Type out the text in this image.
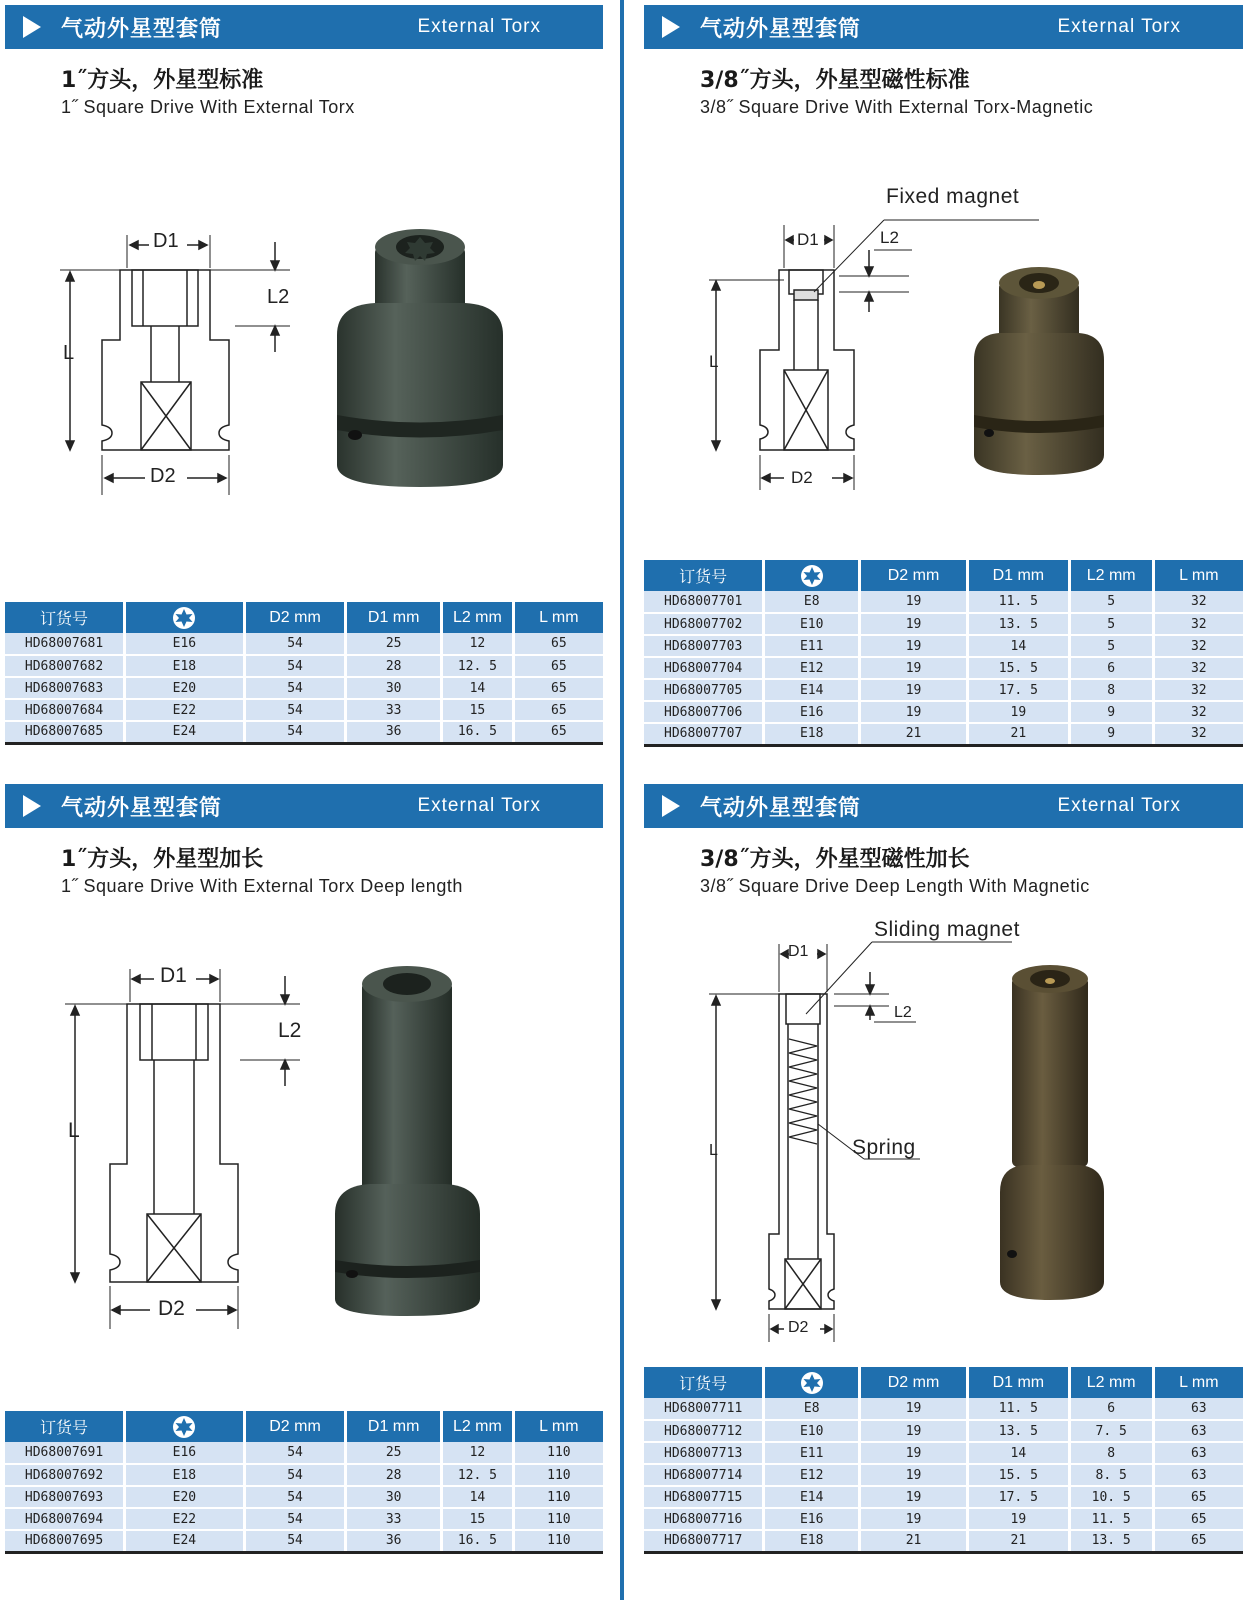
气动外星型套筒	External Torx
1˝方头，外星型标准
1˝ Square Drive With External Torx
D1
D2
L
L2
订货号		D2 mm	D1 mm	L2 mm	L mm
HD68007681	E16	54	25	12	65
HD68007682	E18	54	28	12. 5	65
HD68007683	E20	54	30	14	65
HD68007684	E22	54	33	15	65
HD68007685	E24	54	36	16. 5	65
气动外星型套筒	External Torx
3/8˝方头，外星型磁性标准
3/8˝ Square Drive With External Torx-Magnetic
Fixed magnet
D1	L2
L
D2
订货号		D2 mm	D1 mm	L2 mm	L mm
HD68007701	E8	19	11. 5	5	32
HD68007702	E10	19	13. 5	5	32
HD68007703	E11	19	14	5	32
HD68007704	E12	19	15. 5	6	32
HD68007705	E14	19	17. 5	8	32
HD68007706	E16	19	19	9	32
HD68007707	E18	21	21	9	32
气动外星型套筒	External Torx
1˝方头，外星型加长
1˝ Square Drive With External Torx Deep length
D1
L2
L
D2
订货号		D2 mm	D1 mm	L2 mm	L mm
HD68007691	E16	54	25	12	110
HD68007692	E18	54	28	12. 5	110
HD68007693	E20	54	30	14	110
HD68007694	E22	54	33	15	110
HD68007695	E24	54	36	16. 5	110
气动外星型套筒	External Torx
3/8˝方头，外星型磁性加长
3/8˝ Square Drive Deep Length With Magnetic
Sliding magnet
Spring
D1
L2
L
D2
订货号		D2 mm	D1 mm	L2 mm	L mm
HD68007711	E8	19	11. 5	6	63
HD68007712	E10	19	13. 5	7. 5	63
HD68007713	E11	19	14	8	63
HD68007714	E12	19	15. 5	8. 5	63
HD68007715	E14	19	17. 5	10. 5	65
HD68007716	E16	19	19	11. 5	65
HD68007717	E18	21	21	13. 5	65
